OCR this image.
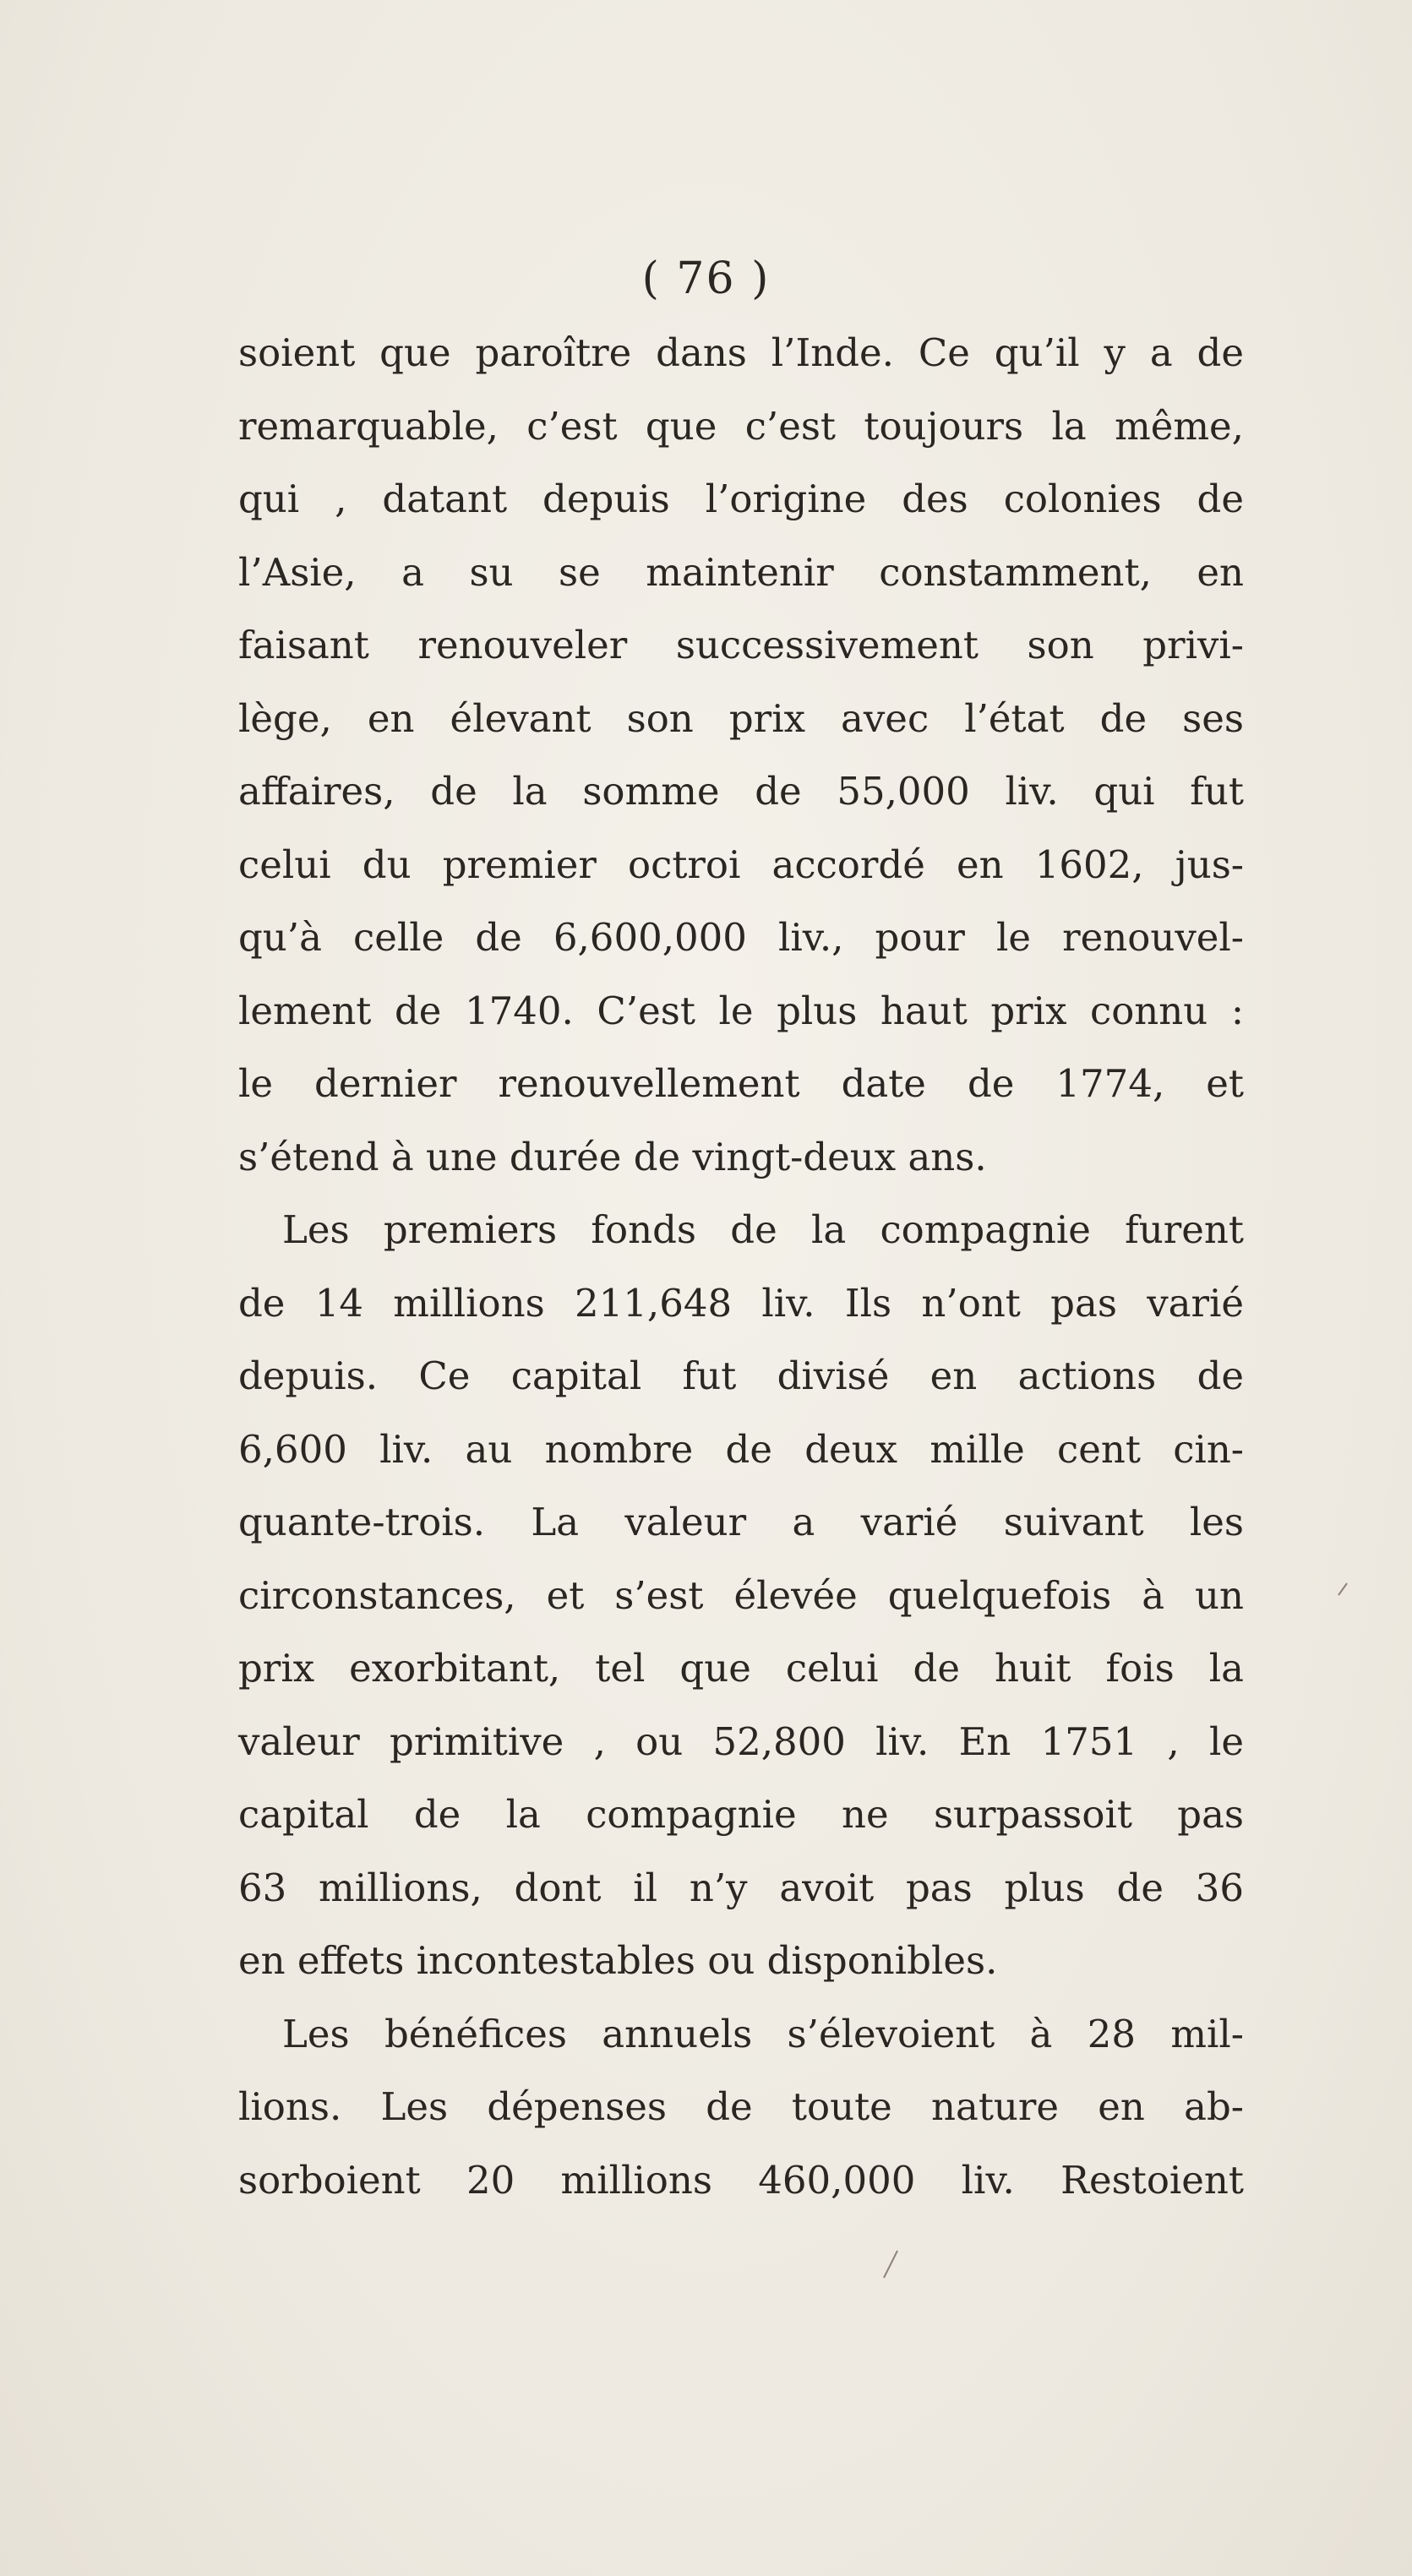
( 76 )
soient que paroître dans l’Inde. Ce qu’il y a de
remarquable, c’est que c’est toujours la même,
qui , datant depuis l’origine des colonies de
l’Asie, a su se maintenir constamment, en
faisant renouveler successivement son privi-
lège, en élevant son prix avec l’état de ses
affaires, de la somme de 55,000 liv. qui fut
celui du premier octroi accordé en 1602, jus-
qu’à celle de 6,600,000 liv., pour le renouvel-
lement de 1740. C’est le plus haut prix connu :
le dernier renouvellement date de 1774, et
s’étend à une durée de vingt-deux ans.
Les premiers fonds de la compagnie furent
de 14 millions 211,648 liv. Ils n’ont pas varié
depuis. Ce capital fut divisé en actions de
6,600 liv. au nombre de deux mille cent cin-
quante-trois. La valeur a varié suivant les
circonstances, et s’est élevée quelquefois à un
prix exorbitant, tel que celui de huit fois la
valeur primitive , ou 52,800 liv. En 1751 , le
capital de la compagnie ne surpassoit pas
63 millions, dont il n’y avoit pas plus de 36
en effets incontestables ou disponibles.
Les bénéfices annuels s’élevoient à 28 mil-
lions. Les dépenses de toute nature en ab-
sorboient 20 millions 460,000 liv. Restoient
